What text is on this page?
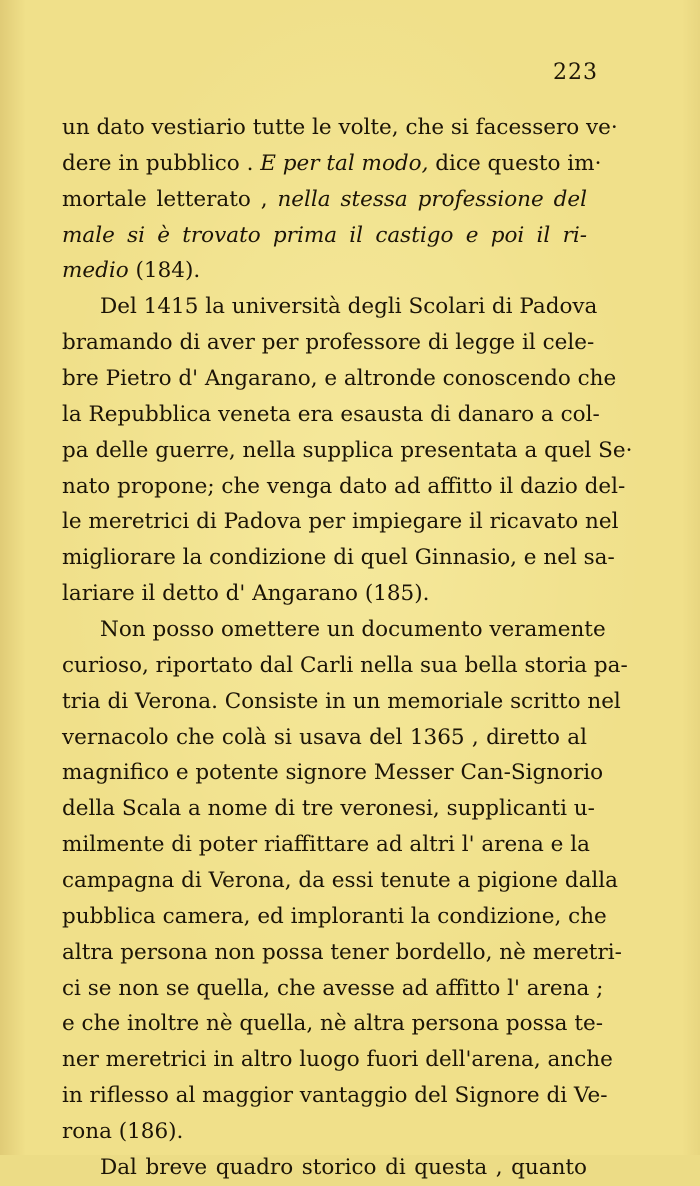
223
un dato vestiario tutte le volte, che si facessero ve·
dere in pubblico . E per tal modo, dice questo im·
mortale letterato , nella stessa professione del
male si è trovato prima il castigo e poi il ri-
medio (184).
Del 1415 la università degli Scolari di Padova
bramando di aver per professore di legge il cele-
bre Pietro d' Angarano, e altronde conoscendo che
la Repubblica veneta era esausta di danaro a col-
pa delle guerre, nella supplica presentata a quel Se·
nato propone; che venga dato ad affitto il dazio del-
le meretrici di Padova per impiegare il ricavato nel
migliorare la condizione di quel Ginnasio, e nel sa-
lariare il detto d' Angarano (185).
Non posso omettere un documento veramente
curioso, riportato dal Carli nella sua bella storia pa-
tria di Verona. Consiste in un memoriale scritto nel
vernacolo che colà si usava del 1365 , diretto al
magnifico e potente signore Messer Can-Signorio
della Scala a nome di tre veronesi, supplicanti u-
milmente di poter riaffittare ad altri l' arena e la
campagna di Verona, da essi tenute a pigione dalla
pubblica camera, ed imploranti la condizione, che
altra persona non possa tener bordello, nè meretri-
ci se non se quella, che avesse ad affitto l' arena ;
e che inoltre nè quella, nè altra persona possa te-
ner meretrici in altro luogo fuori dell'arena, anche
in riflesso al maggior vantaggio del Signore di Ve-
rona (186).
Dal breve quadro storico di questa , quanto
